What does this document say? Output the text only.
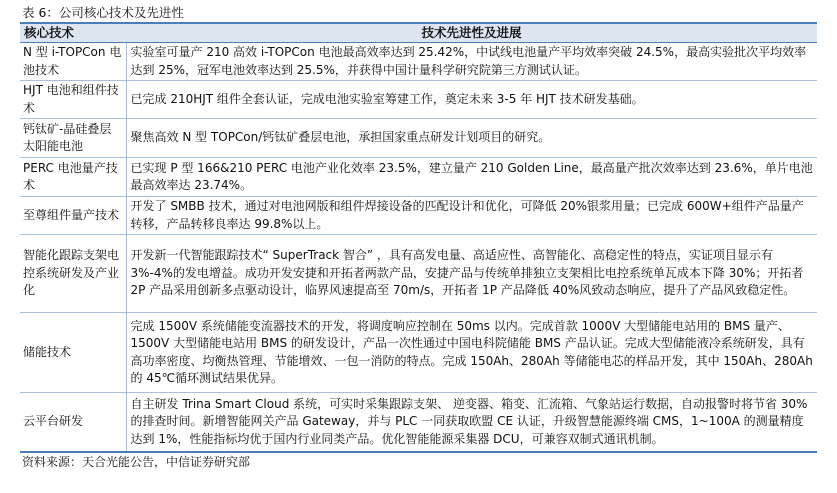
表 6：公司核心技术及先进性
核心技术	技术先进性及进展
N 型 i-TOPCon 电池技术	实验室可量产 210 高效 i-TOPCon 电池最高效率达到 25.42%，中试线电池量产平均效率突破 24.5%，最高实验批次平均效率达到 25%，冠军电池效率达到 25.5%，并获得中国计量科学研究院第三方测试认证。
HJT 电池和组件技术	已完成 210HJT 组件全套认证，完成电池实验室筹建工作，奠定未来 3-5 年 HJT 技术研发基础。
钙钛矿-晶硅叠层太阳能电池	聚焦高效 N 型 TOPCon/钙钛矿叠层电池，承担国家重点研发计划项目的研究。
PERC 电池量产技术	已实现 P 型 166&210 PERC 电池产业化效率 23.5%，建立量产 210 Golden Line，最高量产批次效率达到 23.6%，单片电池最高效率达 23.74%。
至尊组件量产技术	开发了 SMBB 技术，通过对电池网版和组件焊接设备的匹配设计和优化，可降低 20%银浆用量；已完成 600W+组件产品量产转移，产品转移良率达 99.8%以上。
智能化跟踪支架电控系统研发及产业化	开发新一代智能跟踪技术“ SuperTrack 智合” ，具有高发电量、高适应性、高智能化、高稳定性的特点，实证项目显示有 3%-4%的发电增益。成功开发安捷和开拓者两款产品，安捷产品与传统单排独立支架相比电控系统单瓦成本下降 30%；开拓者 2P 产品采用创新多点驱动设计，临界风速提高至 70m/s，开拓者 1P 产品降低 40%风致动态响应，提升了产品风致稳定性。
储能技术	完成 1500V 系统储能变流器技术的开发，将调度响应控制在 50ms 以内。完成首款 1000V 大型储能电站用的 BMS 量产、1500V 大型储能电站用 BMS 的研发设计，产品一次性通过中国电科院储能 BMS 产品认证。完成大型储能液冷系统研发，具有高功率密度、均衡热管理、节能增效、一包一消防的特点。完成 150Ah、280Ah 等储能电芯的样品开发，其中 150Ah、280Ah 的 45℃循环测试结果优异。
云平台研发	自主研发 Trina Smart Cloud 系统，可实时采集跟踪支架、 逆变器、箱变、汇流箱、气象站运行数据，自动报警时将节省 30%的排查时间。新增智能网关产品 Gateway，并与 PLC 一同获取欧盟 CE 认证，升级智慧能源终端 CMS，1~100A 的测量精度达到 1%，性能指标均优于国内行业同类产品。优化智能能源采集器 DCU，可兼容双制式通讯机制。
资料来源：天合光能公告，中信证券研究部
